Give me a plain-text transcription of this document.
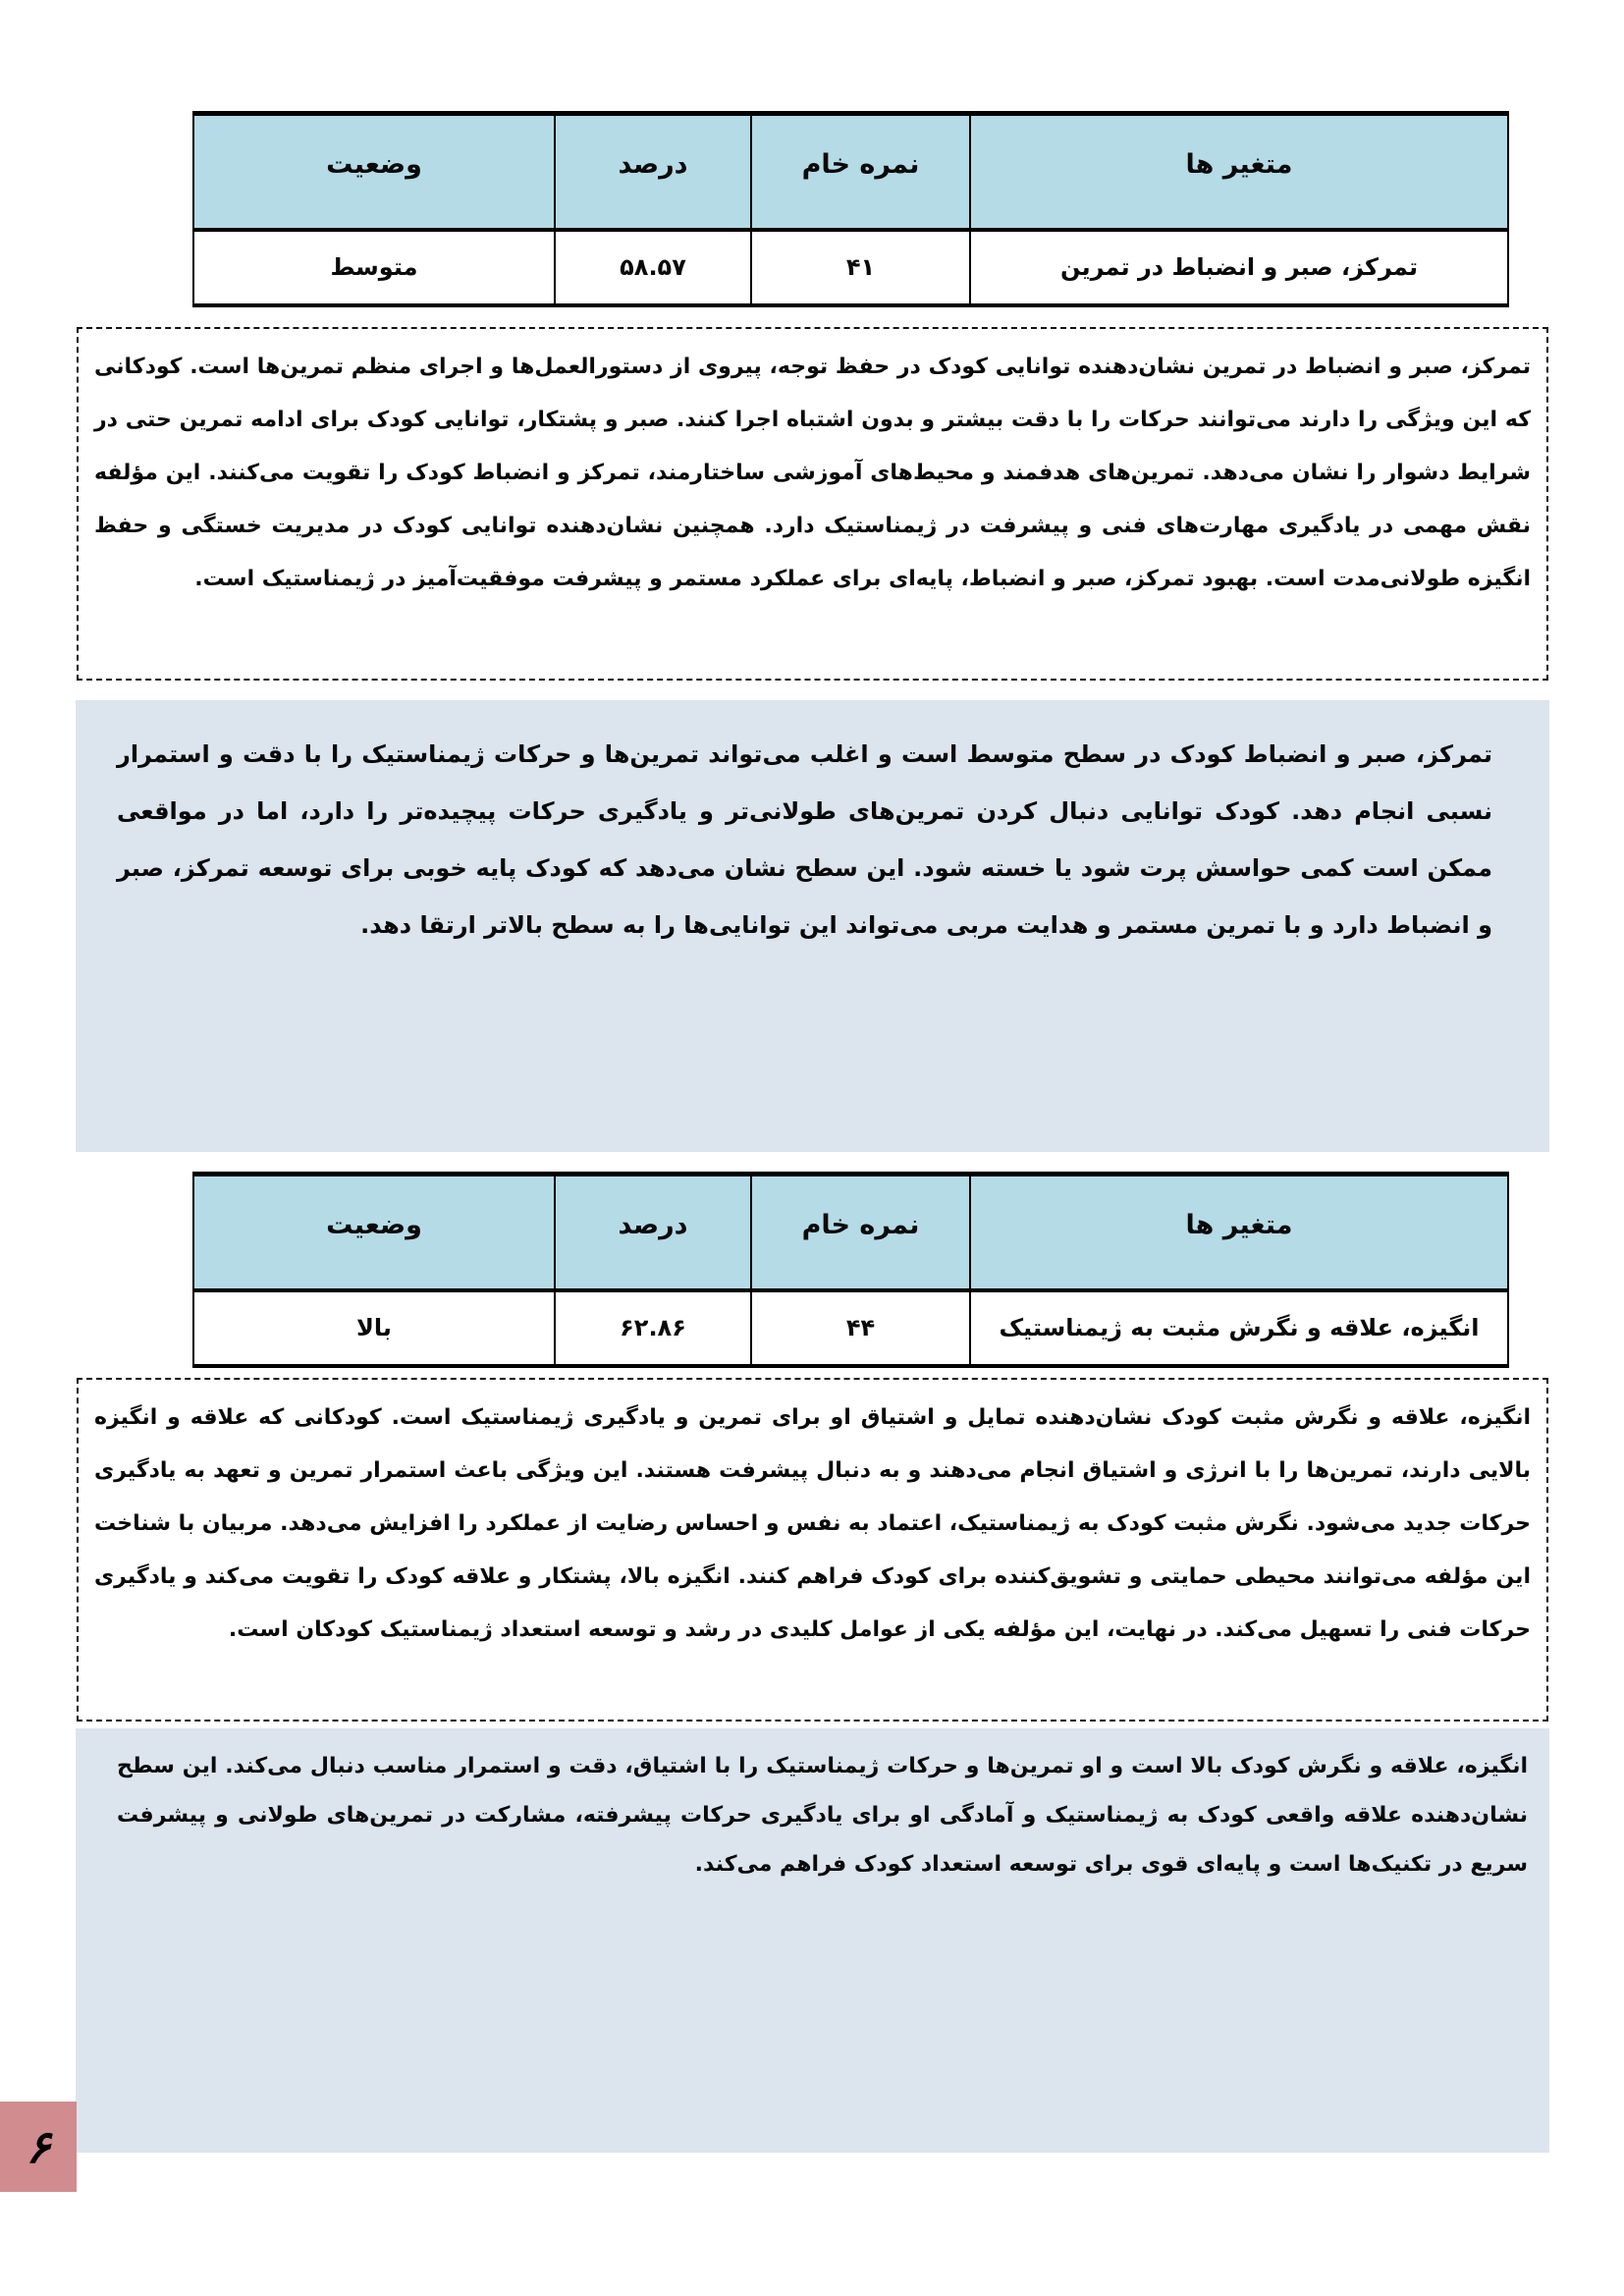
متغیر ها	نمره خام	درصد	وضعیت
تمرکز، صبر و انضباط در تمرین	۴۱	۵۸.۵۷	متوسط

تمرکز، صبر و انضباط در تمرین نشان‌دهنده توانایی کودک در حفظ توجه، پیروی از دستورالعمل‌ها و اجرای منظم تمرین‌ها است. کودکانی که این ویژگی را دارند می‌توانند حرکات را با دقت بیشتر و بدون اشتباه اجرا کنند. صبر و پشتکار، توانایی کودک برای ادامه تمرین حتی در شرایط دشوار را نشان می‌دهد. تمرین‌های هدفمند و محیط‌های آموزشی ساختارمند، تمرکز و انضباط کودک را تقویت می‌کنند. این مؤلفه نقش مهمی در یادگیری مهارت‌های فنی و پیشرفت در ژیمناستیک دارد. همچنین نشان‌دهنده توانایی کودک در مدیریت خستگی و حفظ انگیزه طولانی‌مدت است. بهبود تمرکز، صبر و انضباط، پایه‌ای برای عملکرد مستمر و پیشرفت موفقیت‌آمیز در ژیمناستیک است.

تمرکز، صبر و انضباط کودک در سطح متوسط است و اغلب می‌تواند تمرین‌ها و حرکات ژیمناستیک را با دقت و استمرار نسبی انجام دهد. کودک توانایی دنبال کردن تمرین‌های طولانی‌تر و یادگیری حرکات پیچیده‌تر را دارد، اما در مواقعی ممکن است کمی حواسش پرت شود یا خسته شود. این سطح نشان می‌دهد که کودک پایه خوبی برای توسعه تمرکز، صبر و انضباط دارد و با تمرین مستمر و هدایت مربی می‌تواند این توانایی‌ها را به سطح بالاتر ارتقا دهد.

متغیر ها	نمره خام	درصد	وضعیت
انگیزه، علاقه و نگرش مثبت به ژیمناستیک	۴۴	۶۲.۸۶	بالا

انگیزه، علاقه و نگرش مثبت کودک نشان‌دهنده تمایل و اشتیاق او برای تمرین و یادگیری ژیمناستیک است. کودکانی که علاقه و انگیزه بالایی دارند، تمرین‌ها را با انرژی و اشتیاق انجام می‌دهند و به دنبال پیشرفت هستند. این ویژگی باعث استمرار تمرین و تعهد به یادگیری حرکات جدید می‌شود. نگرش مثبت کودک به ژیمناستیک، اعتماد به نفس و احساس رضایت از عملکرد را افزایش می‌دهد. مربیان با شناخت این مؤلفه می‌توانند محیطی حمایتی و تشویق‌کننده برای کودک فراهم کنند. انگیزه بالا، پشتکار و علاقه کودک را تقویت می‌کند و یادگیری حرکات فنی را تسهیل می‌کند. در نهایت، این مؤلفه یکی از عوامل کلیدی در رشد و توسعه استعداد ژیمناستیک کودکان است.

انگیزه، علاقه و نگرش کودک بالا است و او تمرین‌ها و حرکات ژیمناستیک را با اشتیاق، دقت و استمرار مناسب دنبال می‌کند. این سطح نشان‌دهنده علاقه واقعی کودک به ژیمناستیک و آمادگی او برای یادگیری حرکات پیشرفته، مشارکت در تمرین‌های طولانی و پیشرفت سریع در تکنیک‌ها است و پایه‌ای قوی برای توسعه استعداد کودک فراهم می‌کند.

۶
